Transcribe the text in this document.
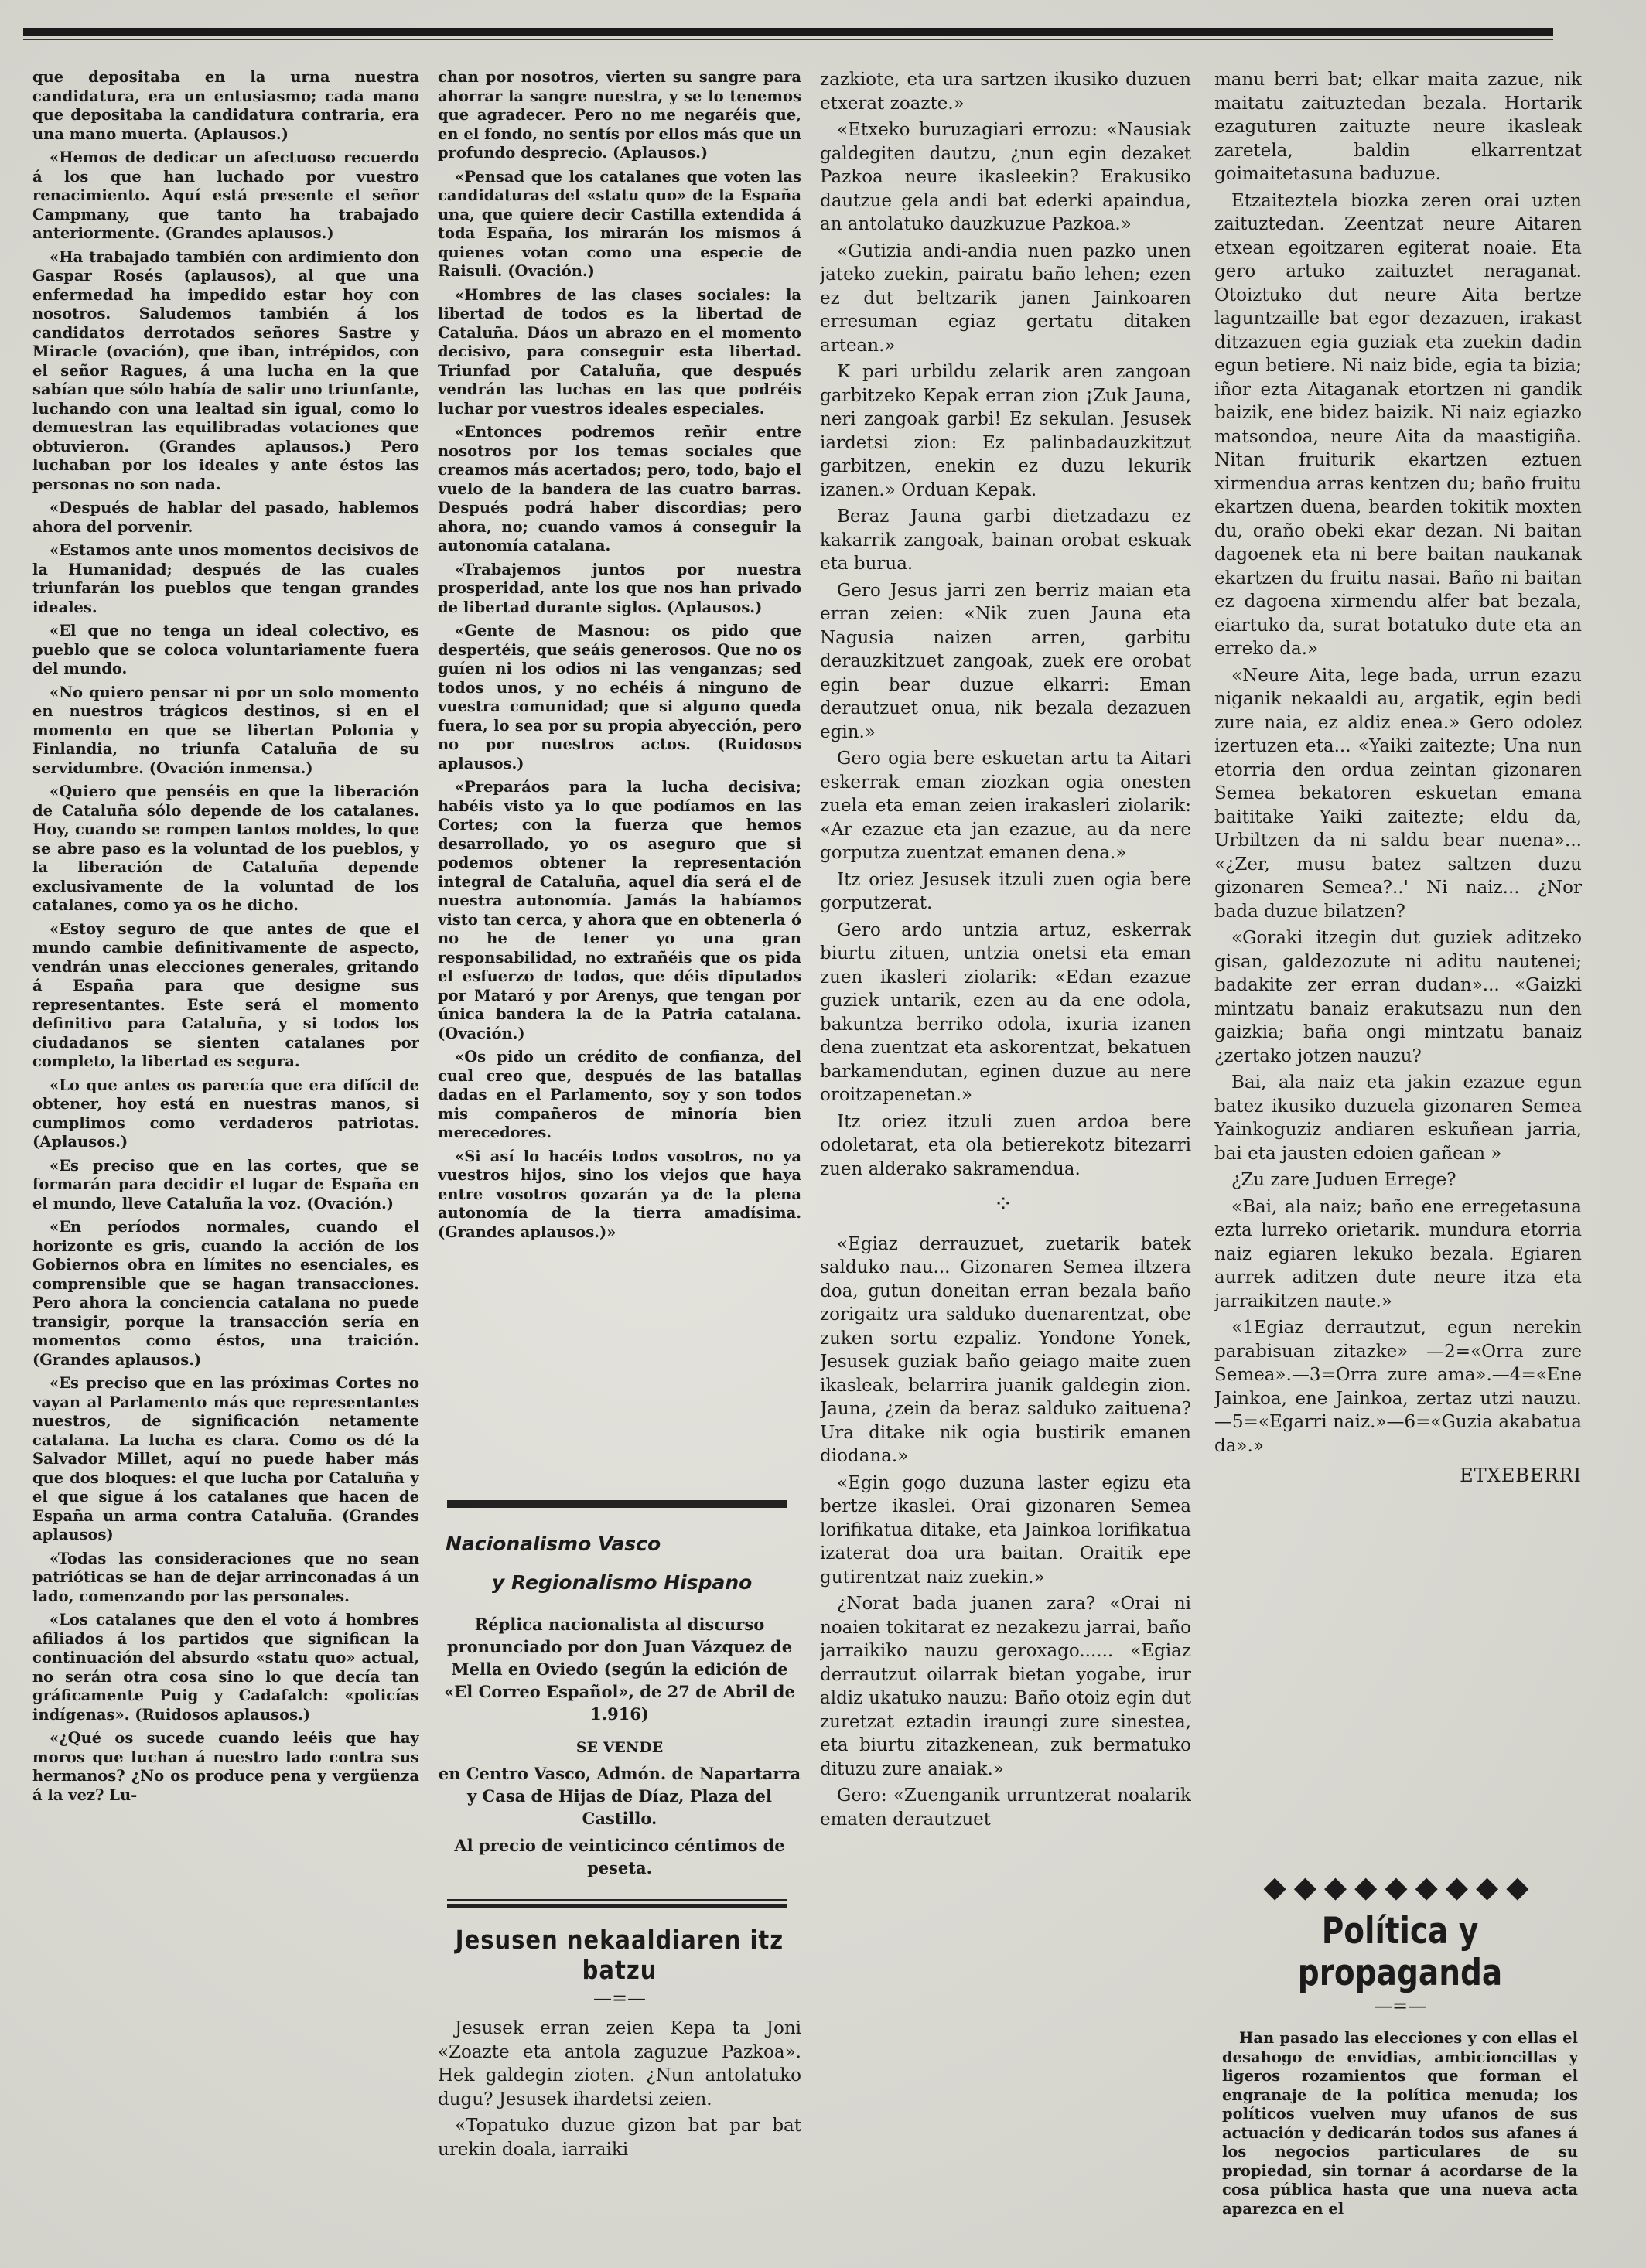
que depositaba en la urna nuestra candidatura, era un entusiasmo; cada mano que depositaba la candidatura contraria, era una mano muerta. (Aplausos.)

«Hemos de dedicar un afectuoso recuerdo á los que han luchado por vuestro renacimiento. Aquí está presente el señor Campmany, que tanto ha trabajado anteriormente. (Grandes aplausos.)

«Ha trabajado también con ardimiento don Gaspar Rosés (aplausos), al que una enfermedad ha impedido estar hoy con nosotros. Saludemos también á los candidatos derrotados señores Sastre y Miracle (ovación), que iban, intrépidos, con el señor Ragues, á una lucha en la que sabían que sólo había de salir uno triunfante, luchando con una lealtad sin igual, como lo demuestran las equilibradas votaciones que obtuvieron. (Grandes aplausos.) Pero luchaban por los ideales y ante éstos las personas no son nada.

«Después de hablar del pasado, hablemos ahora del porvenir.

«Estamos ante unos momentos decisivos de la Humanidad; después de las cuales triunfarán los pueblos que tengan grandes ideales.

«El que no tenga un ideal colectivo, es pueblo que se coloca voluntariamente fuera del mundo.

«No quiero pensar ni por un solo momento en nuestros trágicos destinos, si en el momento en que se libertan Polonia y Finlandia, no triunfa Cataluña de su servidumbre. (Ovación inmensa.)

«Quiero que penséis en que la liberación de Cataluña sólo depende de los catalanes. Hoy, cuando se rompen tantos moldes, lo que se abre paso es la voluntad de los pueblos, y la liberación de Cataluña depende exclusivamente de la voluntad de los catalanes, como ya os he dicho.

«Estoy seguro de que antes de que el mundo cambie definitivamente de aspecto, vendrán unas elecciones generales, gritando á España para que designe sus representantes. Este será el momento definitivo para Cataluña, y si todos los ciudadanos se sienten catalanes por completo, la libertad es segura.

«Lo que antes os parecía que era difícil de obtener, hoy está en nuestras manos, si cumplimos como verdaderos patriotas. (Aplausos.)

«Es preciso que en las cortes, que se formarán para decidir el lugar de España en el mundo, lleve Cataluña la voz. (Ovación.)

«En períodos normales, cuando el horizonte es gris, cuando la acción de los Gobiernos obra en límites no esenciales, es comprensible que se hagan transacciones. Pero ahora la conciencia catalana no puede transigir, porque la transacción sería en momentos como éstos, una traición. (Grandes aplausos.)

«Es preciso que en las próximas Cortes no vayan al Parlamento más que representantes nuestros, de significación netamente catalana. La lucha es clara. Como os dé la Salvador Millet, aquí no puede haber más que dos bloques: el que lucha por Cataluña y el que sigue á los catalanes que hacen de España un arma contra Cataluña. (Grandes aplausos)

«Todas las consideraciones que no sean patrióticas se han de dejar arrinconadas á un lado, comenzando por las personales.

«Los catalanes que den el voto á hombres afiliados á los partidos que significan la continuación del absurdo «statu quo» actual, no serán otra cosa sino lo que decía tan gráficamente Puig y Cadafalch: «policías indígenas». (Ruidosos aplausos.)

«¿Qué os sucede cuando leéis que hay moros que luchan á nuestro lado contra sus hermanos? ¿No os produce pena y vergüenza á la vez? Lu-

chan por nosotros, vierten su sangre para ahorrar la sangre nuestra, y se lo tenemos que agradecer. Pero no me negaréis que, en el fondo, no sentís por ellos más que un profundo desprecio. (Aplausos.)

«Pensad que los catalanes que voten las candidaturas del «statu quo» de la España una, que quiere decir Castilla extendida á toda España, los mirarán los mismos á quienes votan como una especie de Raisuli. (Ovación.)

«Hombres de las clases sociales: la libertad de todos es la libertad de Cataluña. Dáos un abrazo en el momento decisivo, para conseguir esta libertad. Triunfad por Cataluña, que después vendrán las luchas en las que podréis luchar por vuestros ideales especiales.

«Entonces podremos reñir entre nosotros por los temas sociales que creamos más acertados; pero, todo, bajo el vuelo de la bandera de las cuatro barras. Después podrá haber discordias; pero ahora, no; cuando vamos á conseguir la autonomía catalana.

«Trabajemos juntos por nuestra prosperidad, ante los que nos han privado de libertad durante siglos. (Aplausos.)

«Gente de Masnou: os pido que despertéis, que seáis generosos. Que no os guíen ni los odios ni las venganzas; sed todos unos, y no echéis á ninguno de vuestra comunidad; que si alguno queda fuera, lo sea por su propia abyección, pero no por nuestros actos. (Ruidosos aplausos.)

«Preparáos para la lucha decisiva; habéis visto ya lo que podíamos en las Cortes; con la fuerza que hemos desarrollado, yo os aseguro que si podemos obtener la representación integral de Cataluña, aquel día será el de nuestra autonomía. Jamás la habíamos visto tan cerca, y ahora que en obtenerla ó no he de tener yo una gran responsabilidad, no extrañéis que os pida el esfuerzo de todos, que déis diputados por Mataró y por Arenys, que tengan por única bandera la de la Patria catalana. (Ovación.)

«Os pido un crédito de confianza, del cual creo que, después de las batallas dadas en el Parlamento, soy y son todos mis compañeros de minoría bien merecedores.

«Si así lo hacéis todos vosotros, no ya vuestros hijos, sino los viejos que haya entre vosotros gozarán ya de la plena autonomía de la tierra amadísima. (Grandes aplausos.)»

Nacionalismo Vasco
y Regionalismo Hispano
Réplica nacionalista al discurso pronunciado por don Juan Vázquez de Mella en Oviedo (según la edición de «El Correo Español», de 27 de Abril de 1.916)
SE VENDE
en Centro Vasco, Admón. de Napartarra y Casa de Hijas de Díaz, Plaza del Castillo.
Al precio de veinticinco céntimos de peseta.
Jesusen nekaaldiaren itz batzu
—=—

Jesusek erran zeien Kepa ta Joni «Zoazte eta antola zaguzue Pazkoa». Hek galdegin zioten. ¿Nun antolatuko dugu? Jesusek ihardetsi zeien.

«Topatuko duzue gizon bat par bat urekin doala, iarraiki

zazkiote, eta ura sartzen ikusiko duzuen etxerat zoazte.»

«Etxeko buruzagiari errozu: «Nausiak galdegiten dautzu, ¿nun egin dezaket Pazkoa neure ikasleekin? Erakusiko dautzue gela andi bat ederki apaindua, an antolatuko dauzkuzue Pazkoa.»

«Gutizia andi-andia nuen pazko unen jateko zuekin, pairatu baño lehen; ezen ez dut beltzarik janen Jainkoaren erresuman egiaz gertatu ditaken artean.»

K pari urbildu zelarik aren zangoan garbitzeko Kepak erran zion ¡Zuk Jauna, neri zangoak garbi! Ez sekulan. Jesusek iardetsi zion: Ez palinbadauzkitzut garbitzen, enekin ez duzu lekurik izanen.» Orduan Kepak.

Beraz Jauna garbi dietzadazu ez kakarrik zangoak, bainan orobat eskuak eta burua.

Gero Jesus jarri zen berriz maian eta erran zeien: «Nik zuen Jauna eta Nagusia naizen arren, garbitu derauzkitzuet zangoak, zuek ere orobat egin bear duzue elkarri: Eman derautzuet onua, nik bezala dezazuen egin.»

Gero ogia bere eskuetan artu ta Aitari eskerrak eman ziozkan ogia onesten zuela eta eman zeien irakasleri ziolarik: «Ar ezazue eta jan ezazue, au da nere gorputza zuentzat emanen dena.»

Itz oriez Jesusek itzuli zuen ogia bere gorputzerat.

Gero ardo untzia artuz, eskerrak biurtu zituen, untzia onetsi eta eman zuen ikasleri ziolarik: «Edan ezazue guziek untarik, ezen au da ene odola, bakuntza berriko odola, ixuria izanen dena zuentzat eta askorentzat, bekatuen barkamendutan, eginen duzue au nere oroitzapenetan.»

Itz oriez itzuli zuen ardoa bere odoletarat, eta ola betierekotz bitezarri zuen alderako sakramendua.

⁘

«Egiaz derrauzuet, zuetarik batek salduko nau... Gizonaren Semea iltzera doa, gutun doneitan erran bezala baño zorigaitz ura salduko duenarentzat, obe zuken sortu ezpaliz. Yondone Yonek, Jesusek guziak baño geiago maite zuen ikasleak, belarrira juanik galdegin zion. Jauna, ¿zein da beraz salduko zaituena? Ura ditake nik ogia bustirik emanen diodana.»

«Egin gogo duzuna laster egizu eta bertze ikaslei. Orai gizonaren Semea lorifikatua ditake, eta Jainkoa lorifikatua izaterat doa ura baitan. Oraitik epe gutirentzat naiz zuekin.»

¿Norat bada juanen zara? «Orai ni noaien tokitarat ez nezakezu jarrai, baño jarraikiko nauzu geroxago...... «Egiaz derrautzut oilarrak bietan yogabe, irur aldiz ukatuko nauzu: Baño otoiz egin dut zuretzat eztadin iraungi zure sinestea, eta biurtu zitazkenean, zuk bermatuko dituzu zure anaiak.»

Gero: «Zuenganik urruntzerat noalarik ematen derautzuet

manu berri bat; elkar maita zazue, nik maitatu zaituztedan bezala. Hortarik ezaguturen zaituzte neure ikasleak zaretela, baldin elkarrentzat goimaitetasuna baduzue.

Etzaiteztela biozka zeren orai uzten zaituztedan. Zeentzat neure Aitaren etxean egoitzaren egiterat noaie. Eta gero artuko zaituztet neraganat. Otoiztuko dut neure Aita bertze laguntzaille bat egor dezazuen, irakast ditzazuen egia guziak eta zuekin dadin egun betiere. Ni naiz bide, egia ta bizia; iñor ezta Aitaganak etortzen ni gandik baizik, ene bidez baizik. Ni naiz egiazko matsondoa, neure Aita da maastigiña. Nitan fruiturik ekartzen eztuen xirmendua arras kentzen du; baño fruitu ekartzen duena, bearden tokitik moxten du, oraño obeki ekar dezan. Ni baitan dagoenek eta ni bere baitan naukanak ekartzen du fruitu nasai. Baño ni baitan ez dagoena xirmendu alfer bat bezala, eiartuko da, surat botatuko dute eta an erreko da.»

«Neure Aita, lege bada, urrun ezazu niganik nekaaldi au, argatik, egin bedi zure naia, ez aldiz enea.» Gero odolez izertuzen eta... «Yaiki zaiteztе; Una nun etorria den ordua zeintan gizonaren Semea bekatoren eskuetan emana baititake Yaiki zaitezte; eldu da, Urbiltzen da ni saldu bear nuena»... «¿Zer, musu batez saltzen duzu gizonaren Semea?..' Ni naiz... ¿Nor bada duzue bilatzen?

«Goraki itzegin dut guziek aditzeko gisan, galdezozute ni aditu nautenei; badakite zer erran dudan»... «Gaizki mintzatu banaiz erakutsazu nun den gaizkia; baña ongi mintzatu banaiz ¿zertako jotzen nauzu?

Bai, ala naiz eta jakin ezazue egun batez ikusiko duzuela gizonaren Semea Yainkoguziz andiaren eskuñean jarria, bai eta jausten edoien gañean »

¿Zu zare Juduen Errege?

«Bai, ala naiz; baño ene erregetasuna ezta lurreko orietarik. mundura etorria naiz egiaren lekuko bezala. Egiaren aurrek aditzen dute neure itza eta jarraikitzen naute.»

«1Egiaz derrautzut, egun nerekin parabisuan zitazke» —2=«Orra zure Semea».—3=Orra zure ama».—4=«Ene Jainkoa, ene Jainkoa, zertaz utzi nauzu.—5=«Egarri naiz.»—6=«Guzia akabatua da».»

ETXEBERRI
◆◆◆◆◆◆◆◆◆
Política y propaganda
—=—

Han pasado las elecciones y con ellas el desahogo de envidias, ambicioncillas y ligeros rozamientos que forman el engranaje de la política menuda; los políticos vuelven muy ufanos de sus actuación y dedicarán todos sus afanes á los negocios particulares de su propiedad, sin tornar á acordarse de la cosa pública hasta que una nueva acta aparezca en el
